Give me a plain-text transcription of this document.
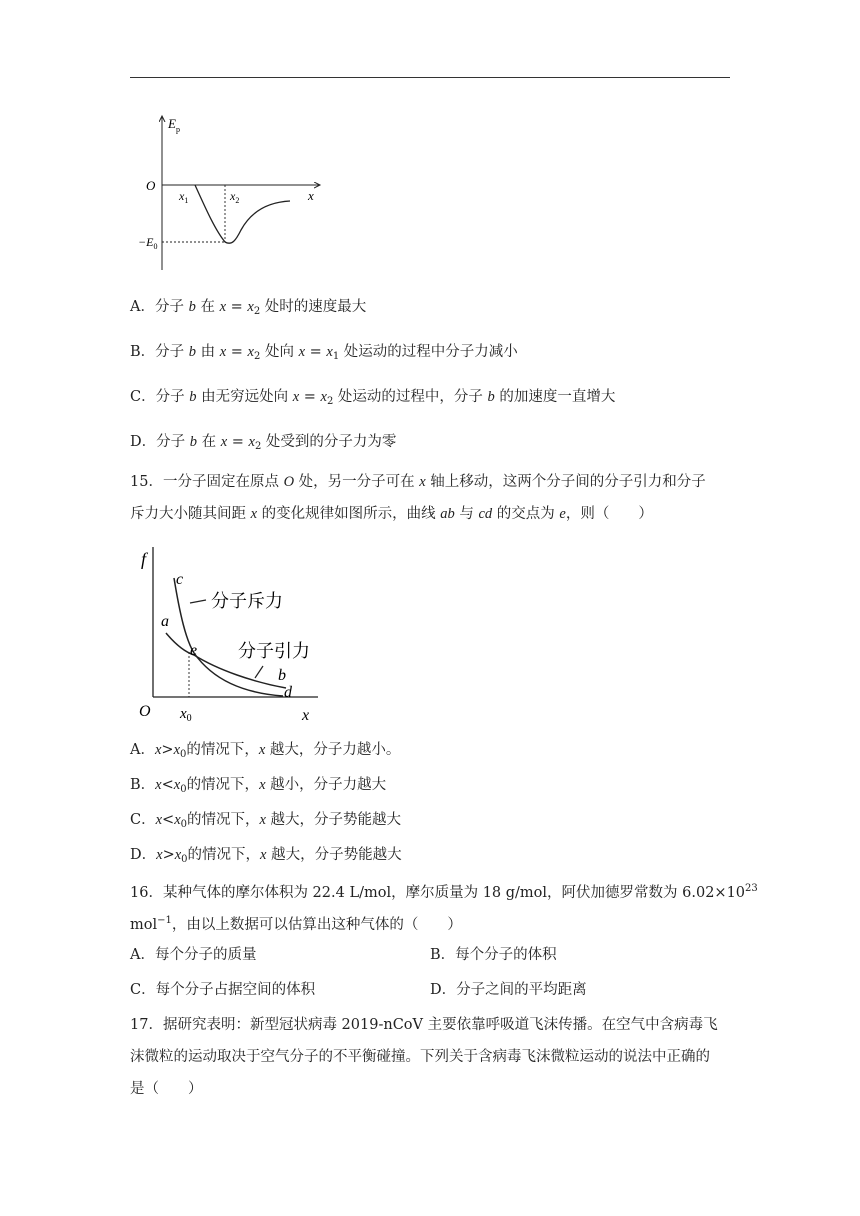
$E_p$
O
x
$x_1$	$x_2$
$-E_0$
A．分子 b 在 $x = x_2$ 处时的速度最大
B．分子 b 由 $x = x_2$ 处向 $x = x_1$ 处运动的过程中分子力减小
C．分子 b 由无穷远处向 $x = x_2$ 处运动的过程中，分子 b 的加速度一直增大
D．分子 b 在 $x = x_2$ 处受到的分子力为零
15．一分子固定在原点 O 处，另一分子可在 x 轴上移动，这两个分子间的分子引力和分子
斥力大小随其间距 x 的变化规律如图所示，曲线 ab 与 cd 的交点为 e，则（　　）
f
O	x
$x_0$
c
a
e
b
d
分子斥力
分子引力
A．$x>x_0$的情况下，x 越大，分子力越小。
B．$x<x_0$的情况下，x 越小，分子力越大
C．$x<x_0$的情况下，x 越大，分子势能越大
D．$x>x_0$的情况下，x 越大，分子势能越大
16．某种气体的摩尔体积为 22.4 L/mol，摩尔质量为 18 g/mol，阿伏加德罗常数为 $6.02\times 10^{23}$
mol$^{-1}$，由以上数据可以估算出这种气体的（　　）
A．每个分子的质量	B．每个分子的体积
C．每个分子占据空间的体积	D．分子之间的平均距离
17．据研究表明：新型冠状病毒 2019-nCoV 主要依靠呼吸道飞沫传播。在空气中含病毒飞
沫微粒的运动取决于空气分子的不平衡碰撞。下列关于含病毒飞沫微粒运动的说法中正确的
是（　　）
